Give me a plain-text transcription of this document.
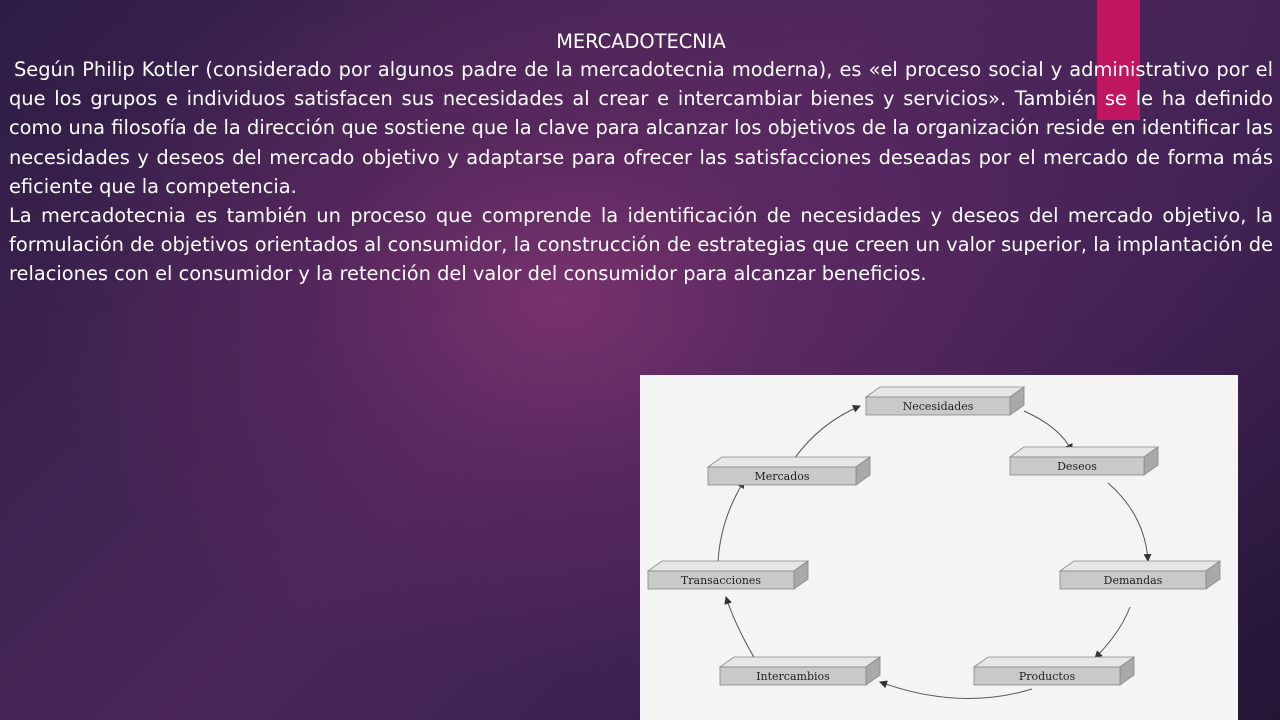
MERCADOTECNIA

Según Philip Kotler (considerado por algunos padre de la mercadotecnia moderna), es «el proceso social y administrativo por el que los grupos e individuos satisfacen sus necesidades al crear e intercambiar bienes y servicios». También se le ha definido como una filosofía de la dirección que sostiene que la clave para alcanzar los objetivos de la organización reside en identificar las necesidades y deseos del mercado objetivo y adaptarse para ofrecer las satisfacciones deseadas por el mercado de forma más eficiente que la competencia.

La mercadotecnia es también un proceso que comprende la identificación de necesidades y deseos del mercado objetivo, la formulación de objetivos orientados al consumidor, la construcción de estrategias que creen un valor superior, la implantación de relaciones con el consumidor y la retención del valor del consumidor para alcanzar beneficios.

Necesidades
Deseos
Demandas
Productos
Intercambios
Transacciones
Mercados
